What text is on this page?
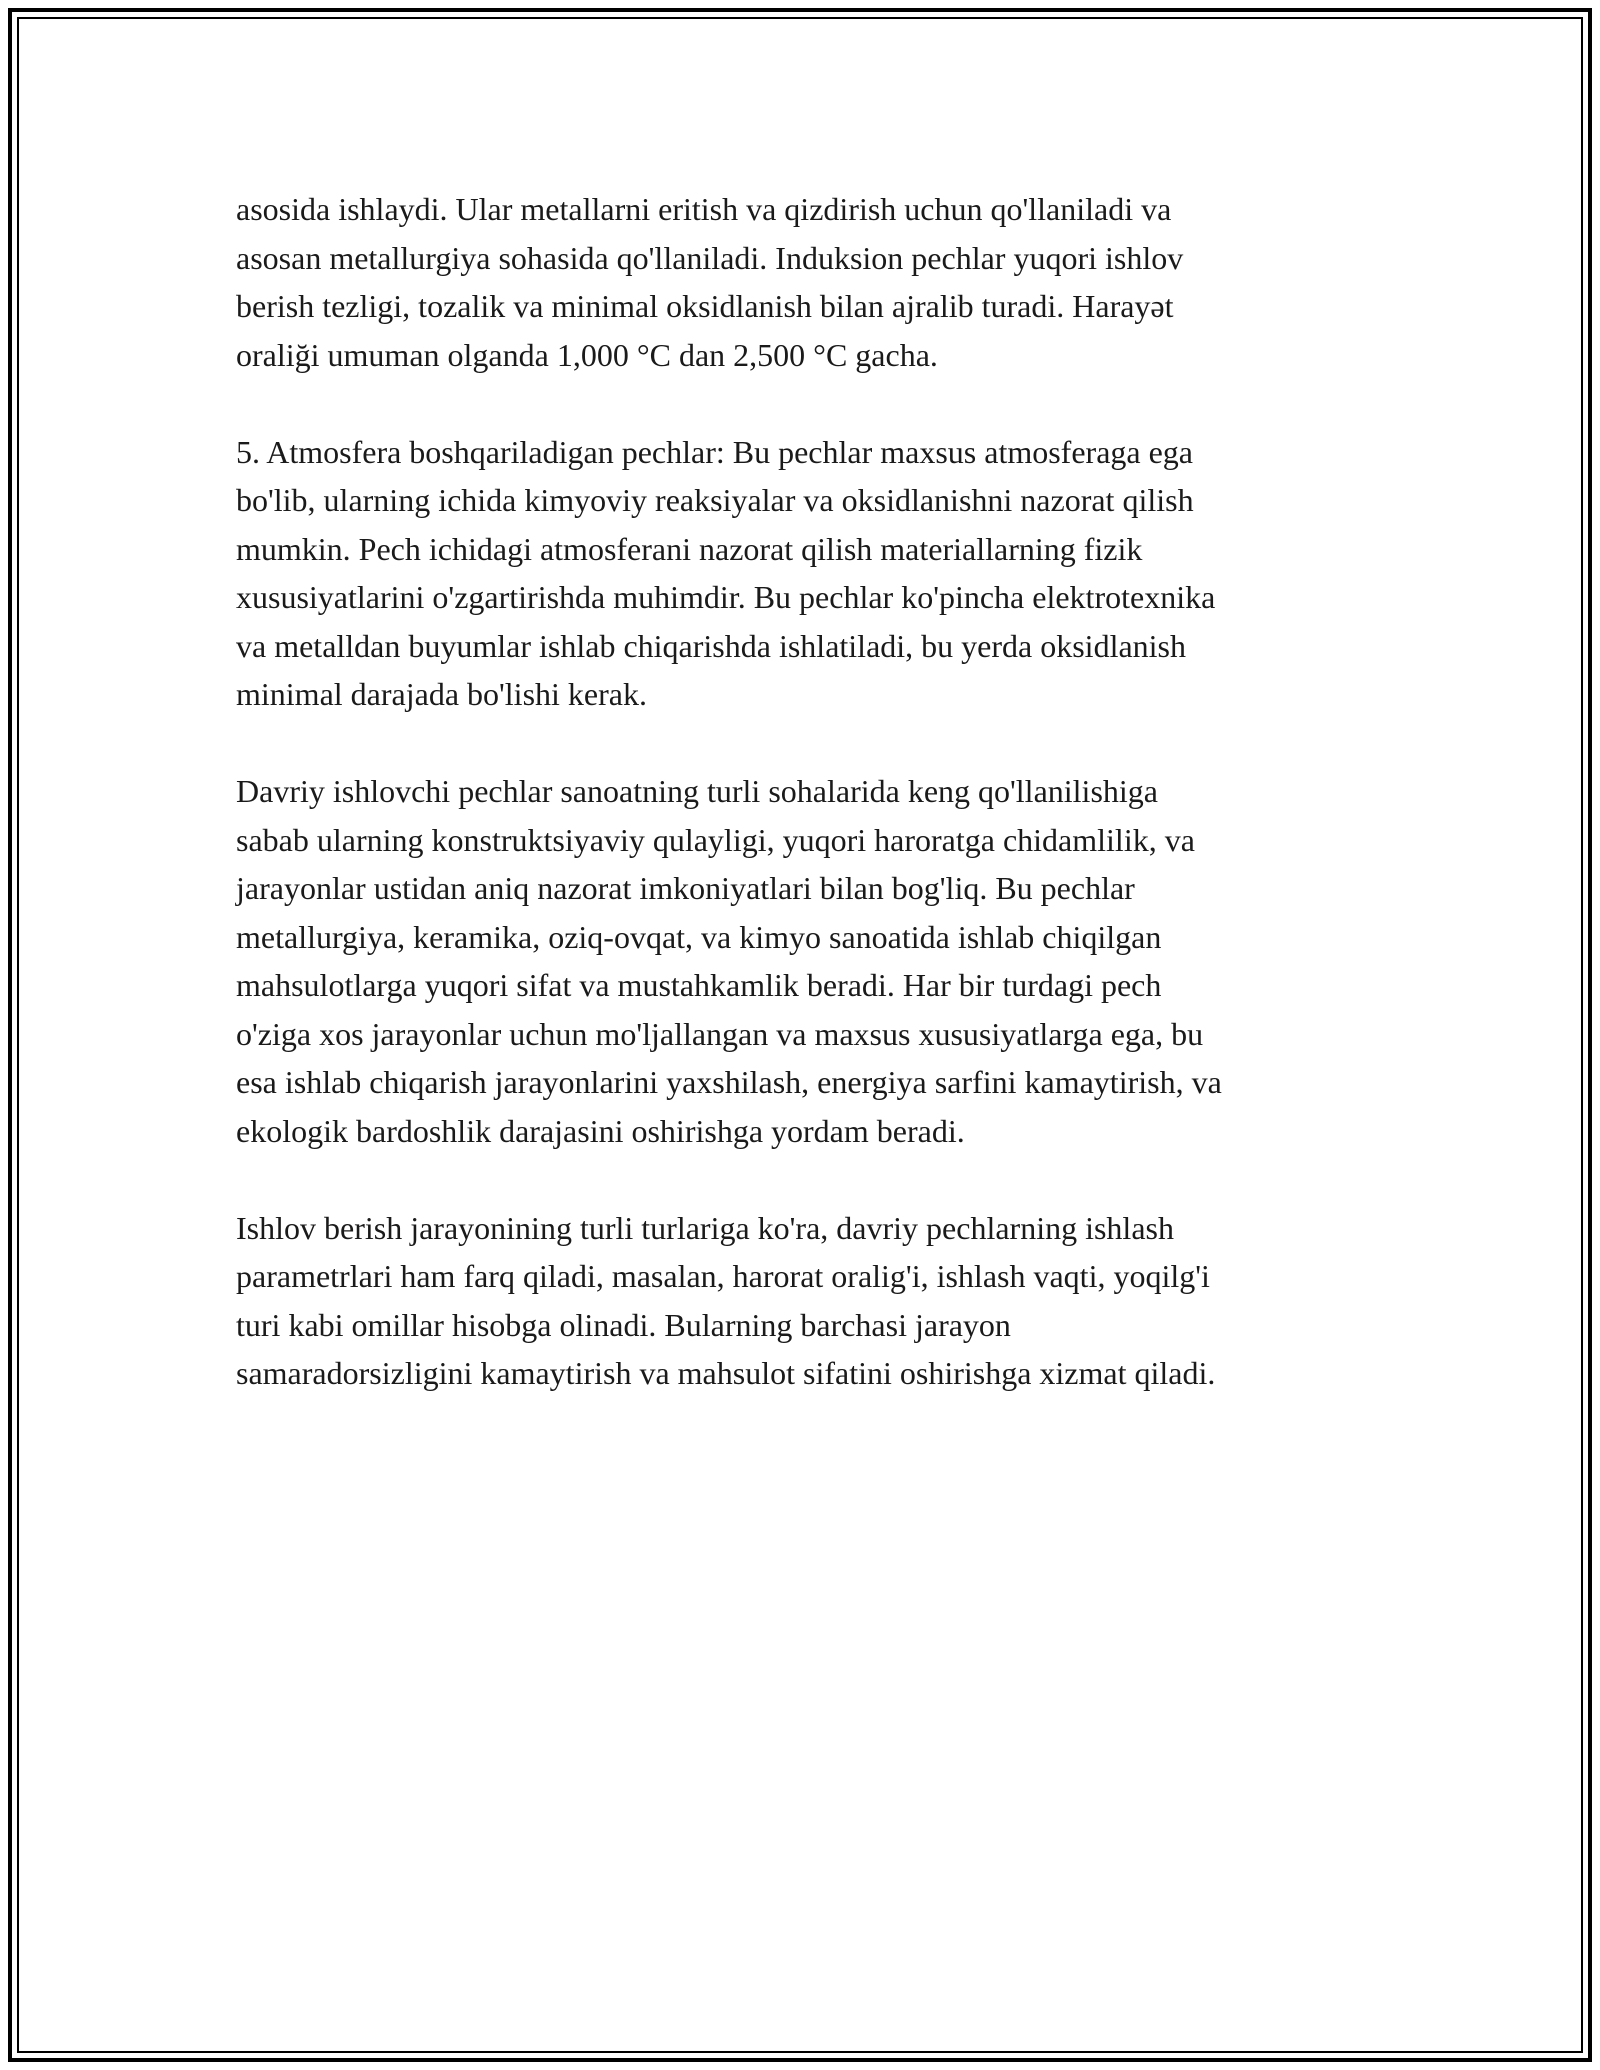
asosida ishlaydi. Ular metallarni eritish va qizdirish uchun qo'llaniladi va
asosan metallurgiya sohasida qo'llaniladi. Induksion pechlar yuqori ishlov
berish tezligi, tozalik va minimal oksidlanish bilan ajralib turadi. Harayət
oraliği umuman olganda 1,000 °C dan 2,500 °C gacha.

5. Atmosfera boshqariladigan pechlar: Bu pechlar maxsus atmosferaga ega
bo'lib, ularning ichida kimyoviy reaksiyalar va oksidlanishni nazorat qilish
mumkin. Pech ichidagi atmosferani nazorat qilish materiallarning fizik
xususiyatlarini o'zgartirishda muhimdir. Bu pechlar ko'pincha elektrotexnika
va metalldan buyumlar ishlab chiqarishda ishlatiladi, bu yerda oksidlanish
minimal darajada bo'lishi kerak.

Davriy ishlovchi pechlar sanoatning turli sohalarida keng qo'llanilishiga
sabab ularning konstruktsiyaviy qulayligi, yuqori haroratga chidamlilik, va
jarayonlar ustidan aniq nazorat imkoniyatlari bilan bog'liq. Bu pechlar
metallurgiya, keramika, oziq-ovqat, va kimyo sanoatida ishlab chiqilgan
mahsulotlarga yuqori sifat va mustahkamlik beradi. Har bir turdagi pech
o'ziga xos jarayonlar uchun mo'ljallangan va maxsus xususiyatlarga ega, bu
esa ishlab chiqarish jarayonlarini yaxshilash, energiya sarfini kamaytirish, va
ekologik bardoshlik darajasini oshirishga yordam beradi.

Ishlov berish jarayonining turli turlariga ko'ra, davriy pechlarning ishlash
parametrlari ham farq qiladi, masalan, harorat oralig'i, ishlash vaqti, yoqilg'i
turi kabi omillar hisobga olinadi. Bularning barchasi jarayon
samaradorsizligini kamaytirish va mahsulot sifatini oshirishga xizmat qiladi.
